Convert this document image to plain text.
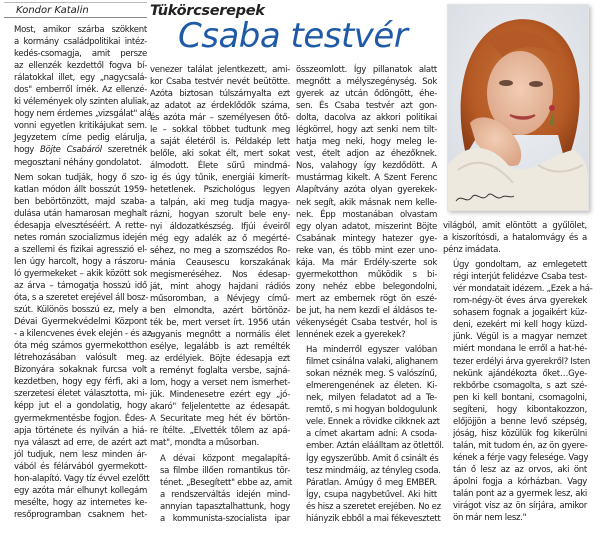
Kondor Katalin	Tükörcserepek
Csaba testvér

Most, amikor szárba szökkent
a kormány családpolitikai intéz-
kedés-csomagja, amit persze
az ellenzék kezdettől fogva bí-
rálatokkal illet, egy „nagycsalá-
dos" emberről írnék. Az ellenzé-
ki vélemények oly szinten aluliak,
hogy nem érdemes „vizsgálat" alá
vonni egyetlen kritikájukat sem.
Jegyzetem címe pedig elárulja,
hogy Böjte Csabáról szeretnék
megosztani néhány gondolatot.

Nem sokan tudják, hogy ő szo-
katlan módon állt bosszút 1959-
ben bebörtönzött, majd szaba-
dulása után hamarosan meghalt
édesapja elvesztéséért. A rette-
netes román szocializmus idején
a szellemi és fizikai agresszió el-
len úgy harcolt, hogy a rászoru-
ló gyermekeket – akik között sok
az árva – támogatja hosszú idő
óta, s a szeretet erejével áll bosz-
szút. Különös bosszú ez, mely a
Dévai Gyermekvédelmi Központ
- a kilencvenes évek elején - és az-
óta még számos gyermekotthon
létrehozásában valósult meg.
Bizonyára sokaknak furcsa volt
kezdetben, hogy egy férfi, aki a
szerzetesi életet választotta, mi-
képp jut el a gondolatig, hogy
gyermekmentésbe fogjon. Édes-
apja története és nyilván a hiá-
nya választ ad erre, de azért azt
jól tudjuk, nem lesz minden ár-
vából és félárvából gyermekott-
hon-alapító. Vagy tíz évvel ezelőtt
egy azóta már elhunyt kollegám
mesélte, hogy az internetes ke-
resőprogramban csaknem het-

venezer találat jelentkezett, ami-
kor Csaba testvér nevét beütötte.
Azóta biztosan túlszárnyalta ezt
az adatot az érdeklődők száma,
és azóta már – személyesen őtő-
le – sokkal többet tudtunk meg
a saját életéről is. Példakép lett
belőle, aki sokat élt, mert sokat
álmodott. Élete sűrű mindmá-
ig és úgy tűnik, energiái kimerít-
hetetlenek. Pszichológus legyen
a talpán, aki meg tudja magya-
rázni, hogyan szorult bele eny-
nyi áldozatkészség. Ifjúi éveiről
még egy adalék az ő megérté-
séhez, no meg a szomszédos Ro-
mánia Ceausescu korszakának
megismeréséhez. Nos édesap-
ját, mint ahogy hajdani rádiós
műsoromban, a Névjegy című-
ben elmondta, azért börtönöz-
ték be, mert verset írt. 1956 után
ugyanis megnőtt a normális élet
esélye, legalább is azt remélték
az erdélyiek. Böjte édesapja ezt
a reményt foglalta versbe, sajná-
lom, hogy a verset nem ismerhet-
jük. Mindenesetre ezért egy „jó-
akaró" feljelentette az édesapát.
A Securitate meg hét év börtön-
re ítélte. „Elvették tőlem az apá-
mat", mondta a műsorban.

A dévai központ megalapítá-
sa filmbe illően romantikus tör-
ténet. „Besegített" ebbe az, amit
a rendszerváltás idején mind-
annyian tapasztalhattunk, hogy
a kommunista-szocialista ipar

összeomlott. Így pillanatok alatt
megnőtt a mélyszegénység. Sok
gyerek az utcán ődöngött, éhe-
sen. És Csaba testvér azt gon-
dolta, dacolva az akkori politikai
légkörrel, hogy azt senki nem tilt-
hatja meg neki, hogy meleg le-
vest, ételt adjon az éhezőknek.
Nos, valahogy így kezdődött. A
mustármag kikelt. A Szent Ferenc
Alapítvány azóta olyan gyerekek-
nek segít, akik másnak nem kelle-
nek. Épp mostanában olvastam
egy olyan adatot, miszerint Böjte
Csabának mintegy hatezer gye-
reke van, és több mint ezer uno-
kája. Ma már Erdély-szerte sok
gyermekotthon működik s bi-
zony nehéz ebbe belegondolni,
mert az embernek rögt ön eszé-
be jut, ha nem kezdi el áldásos te-
vékenységét Csaba testvér, hol is
lennének ezek a gyerekek?

Ha minderről egyszer valóban
filmet csinálna valaki, alighanem
sokan néznék meg. S valószínű,
elmerengenének az életen. Ki-
nek, milyen feladatot ad a Te-
remtő, s mi hogyan boldogulunk
vele. Ennek a rövidke cikknek azt
a címet akartam adni: A csoda-
ember. Aztán eláálltam az ötlettől.
Így egyszerűbb. Amit ő csinált és
tesz mindmáig, az tényleg csoda.
Páratlan. Amúgy ő meg EMBER.
Így, csupa nagybetűvel. Aki hitt
és hisz a szeretet erejében. No ez
hiányzik ebből a mai fékevesztett

világból, amit elöntött a gyűlölet,
a kiszorítósdi, a hatalomvágy és a
pénz imádata.

Úgy gondoltam, az emlegetett
régi interjút felidézve Csaba test-
vér mondatait idézem. „Ezek a há-
rom-négy-öt éves árva gyerekek
sohasem fognak a jogaikért küz-
deni, ezekért mi kell hogy küzd-
jünk. Végül is a magyar nemzet
miért mondana le erről a hat-hé-
tezer erdélyi árva gyerekről? Isten
nekünk ajándékozta őket…Gye-
rekbőrbe csomagolta, s azt szé-
pen ki kell bontani, csomagolni,
segíteni, hogy kibontakozzon,
előjöjjön a benne levő szépség,
jóság, hisz közülük fog kikerülni
talán, mit tudom én, az ön gyere-
kének a férje vagy felesége. Vagy
tán ő lesz az az orvos, aki önt
ápolni fogja a kórházban. Vagy
talán pont az a gyermek lesz, aki
virágot visz az ön sírjára, amikor
ön már nem lesz."
